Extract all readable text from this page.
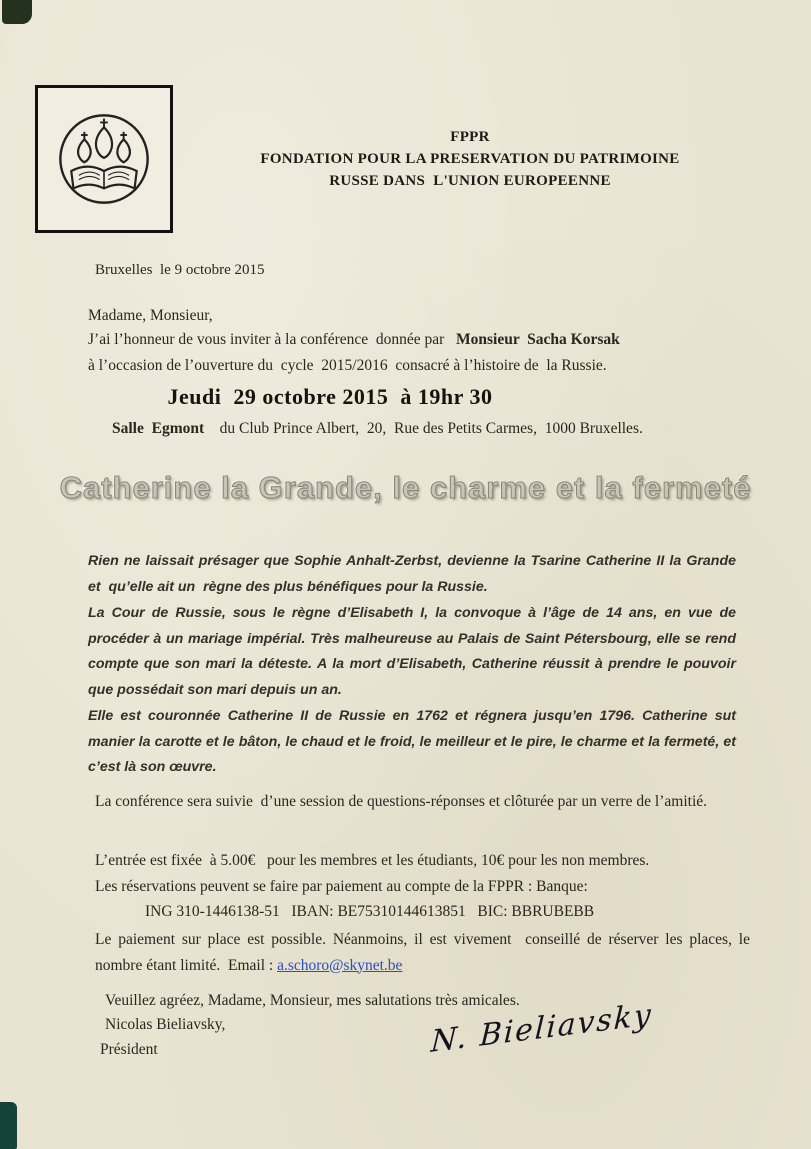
FPPR
FONDATION POUR LA PRESERVATION DU PATRIMOINE
RUSSE DANS  L'UNION EUROPEENNE
Bruxelles  le 9 octobre 2015
Madame, Monsieur,
J’ai l’honneur de vous inviter à la conférence  donnée par   Monsieur  Sacha Korsak
à l’occasion de l’ouverture du  cycle  2015/2016  consacré à l’histoire de  la Russie.
Jeudi  29 octobre 2015  à 19hr 30
Salle  Egmont    du Club Prince Albert,  20,  Rue des Petits Carmes,  1000 Bruxelles.
Catherine la Grande, le charme et la fermeté

Rien ne laissait présager que Sophie Anhalt-Zerbst, devienne la Tsarine Catherine II la Grande et  qu’elle ait un  règne des plus bénéfiques pour la Russie.

La Cour de Russie, sous le règne d’Elisabeth I, la convoque à l’âge de 14 ans, en vue de procéder à un mariage impérial. Très malheureuse au Palais de Saint Pétersbourg, elle se rend compte que son mari la déteste. A la mort d’Elisabeth, Catherine réussit à prendre le pouvoir que possédait son mari depuis un an.

Elle est couronnée Catherine II de Russie en 1762 et régnera jusqu’en 1796. Catherine sut manier la carotte et le bâton, le chaud et le froid, le meilleur et le pire, le charme et la fermeté, et c’est là son œuvre.

La conférence sera suivie  d’une session de questions-réponses et clôturée par un verre de l’amitié.
L’entrée est fixée  à 5.00€   pour les membres et les étudiants, 10€ pour les non membres.
Les réservations peuvent se faire par paiement au compte de la FPPR : Banque:
ING 310-1446138-51   IBAN: BE75310144613851   BIC: BBRUBEBB
Le paiement sur place est possible. Néanmoins, il est vivement  conseillé de réserver les places, le nombre étant limité.  Email : a.schoro@skynet.be
Veuillez agréez, Madame, Monsieur, mes salutations très amicales.
Nicolas Bieliavsky,
Président	N. Bieliavsky
